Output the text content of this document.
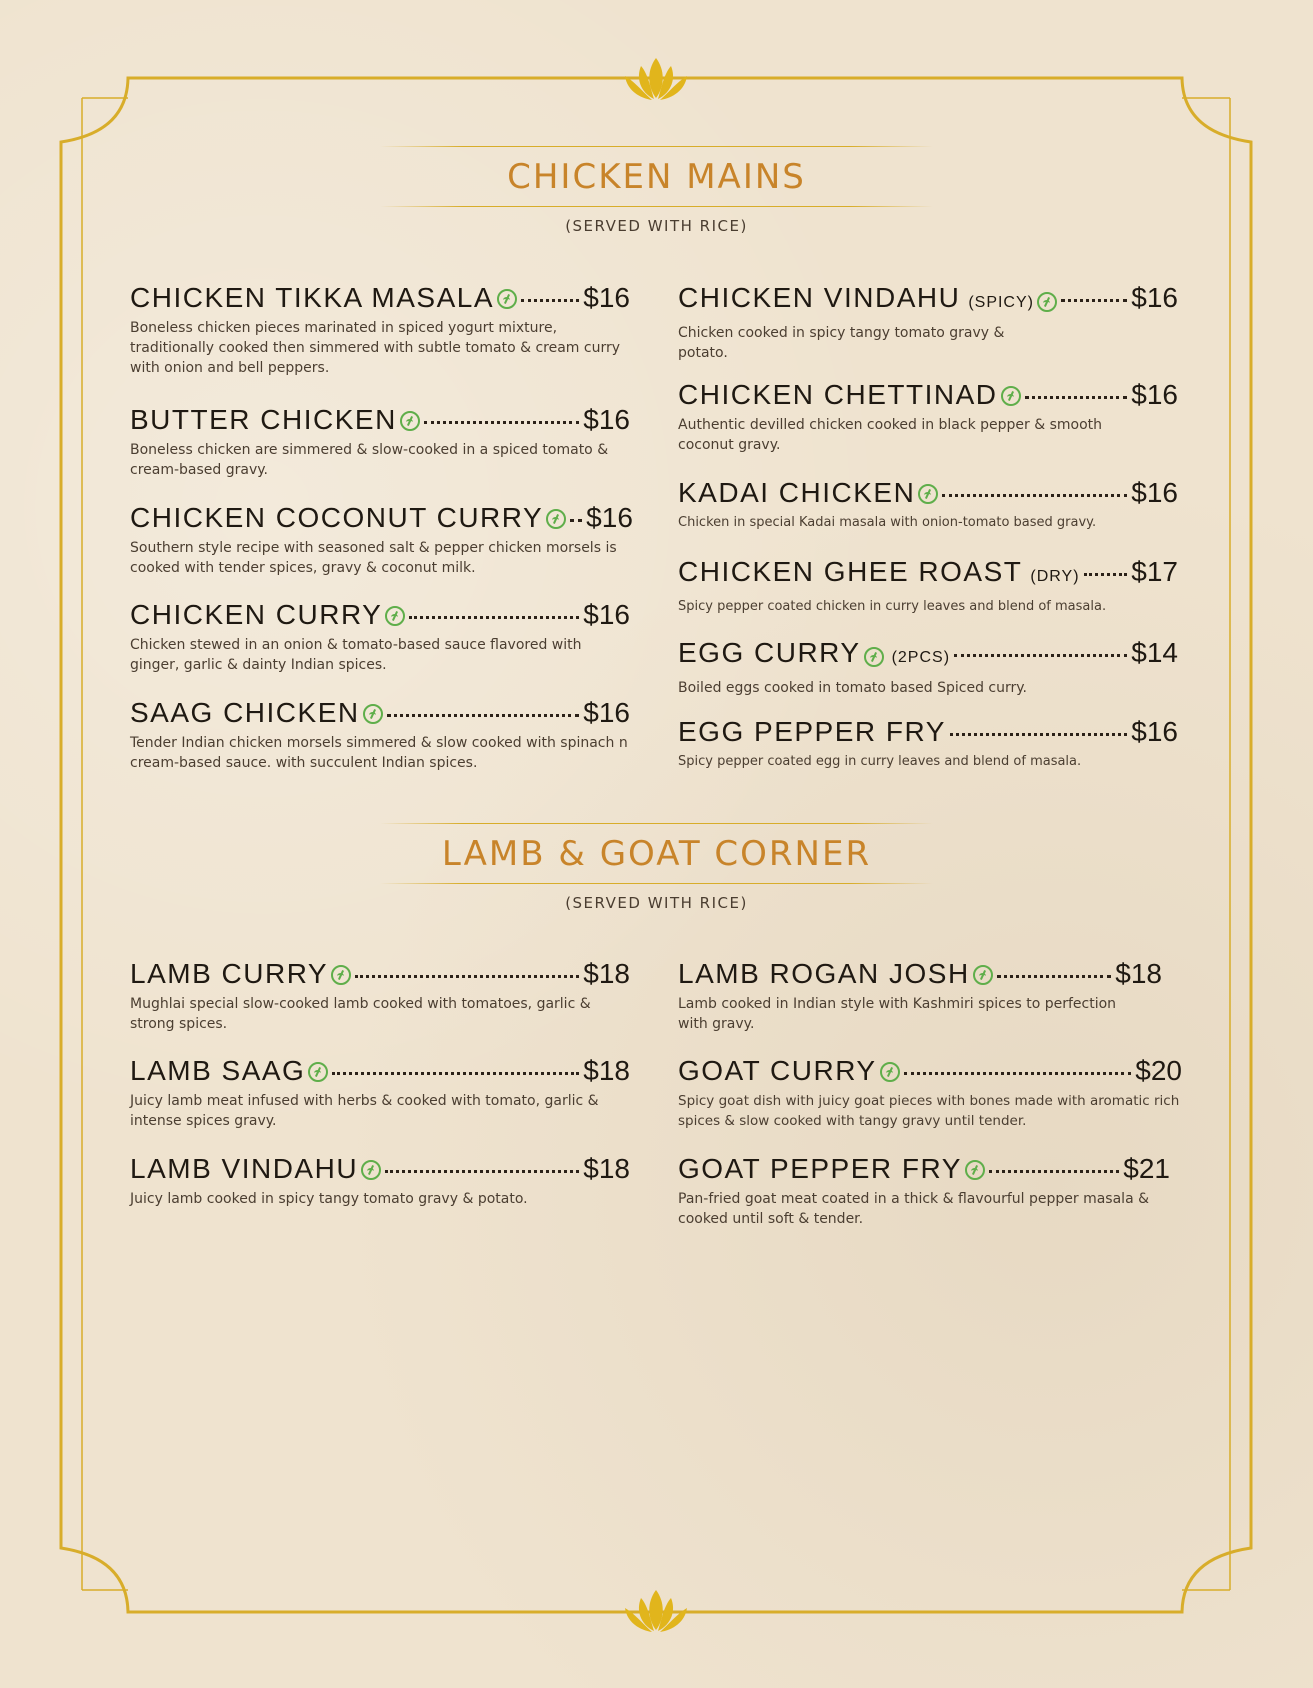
CHICKEN MAINS
(SERVED WITH RICE)
CHICKEN TIKKA MASALA	$16
Boneless chicken pieces marinated in spiced yogurt mixture, traditionally cooked then simmered with subtle tomato & cream curry with onion and bell peppers.
BUTTER CHICKEN	$16
Boneless chicken are simmered & slow-cooked in a spiced tomato & cream-based gravy.
CHICKEN COCONUT CURRY $16
Southern style recipe with seasoned salt & pepper chicken morsels is cooked with tender spices, gravy & coconut milk.
CHICKEN CURRY	$16
Chicken stewed in an onion & tomato-based sauce flavored with ginger, garlic & dainty Indian spices.
SAAG CHICKEN	$16
Tender Indian chicken morsels simmered & slow cooked with spinach n cream-based sauce. with succulent Indian spices.
CHICKEN VINDAHU (SPICY)	$16
Chicken cooked in spicy tangy tomato gravy & potato.
CHICKEN CHETTINAD	$16
Authentic devilled chicken cooked in black pepper & smooth coconut gravy.
KADAI CHICKEN	$16
Chicken in special Kadai masala with onion-tomato based gravy.
CHICKEN GHEE ROAST (DRY) $17
Spicy pepper coated chicken in curry leaves and blend of masala.
EGG CURRY (2PCS)	$14
Boiled eggs cooked in tomato based Spiced curry.
EGG PEPPER FRY	$16
Spicy pepper coated egg in curry leaves and blend of masala.
LAMB & GOAT CORNER
(SERVED WITH RICE)
LAMB CURRY	$18
Mughlai special slow-cooked lamb cooked with tomatoes, garlic & strong spices.
LAMB SAAG	$18
Juicy lamb meat infused with herbs & cooked with tomato, garlic & intense spices gravy.
LAMB VINDAHU	$18
Juicy lamb cooked in spicy tangy tomato gravy & potato.
LAMB ROGAN JOSH	$18
Lamb cooked in Indian style with Kashmiri spices to perfection with gravy.
GOAT CURRY	$20
Spicy goat dish with juicy goat pieces with bones made with aromatic rich spices & slow cooked with tangy gravy until tender.
GOAT PEPPER FRY	$21
Pan-fried goat meat coated in a thick & flavourful pepper masala & cooked until soft & tender.
